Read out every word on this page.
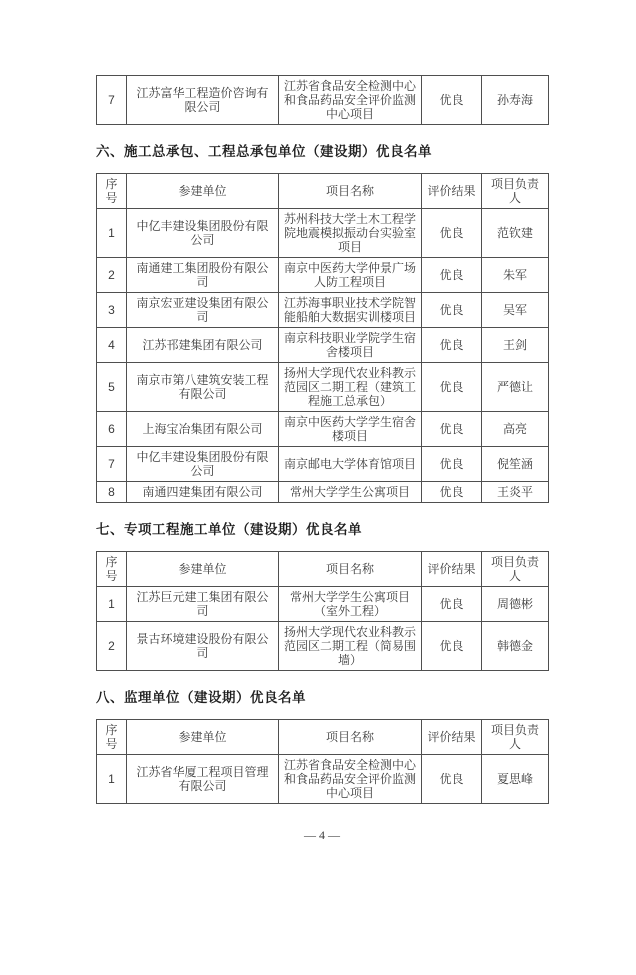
7	江苏富华工程造价咨询有限公司	江苏省食品安全检测中心和食品药品安全评价监测中心项目	优良	孙寿海
六、施工总承包、工程总承包单位（建设期）优良名单
序号	参建单位	项目名称	评价结果	项目负责人
1	中亿丰建设集团股份有限公司	苏州科技大学土木工程学院地震模拟振动台实验室项目	优良	范钦建
2	南通建工集团股份有限公司	南京中医药大学仲景广场人防工程项目	优良	朱军
3	南京宏亚建设集团有限公司	江苏海事职业技术学院智能船舶大数据实训楼项目	优良	吴军
4	江苏邗建集团有限公司	南京科技职业学院学生宿舍楼项目	优良	王剑
5	南京市第八建筑安装工程有限公司	扬州大学现代农业科教示范园区二期工程（建筑工程施工总承包）	优良	严德让
6	上海宝冶集团有限公司	南京中医药大学学生宿舍楼项目	优良	高亮
7	中亿丰建设集团股份有限公司	南京邮电大学体育馆项目	优良	倪笙涵
8	南通四建集团有限公司	常州大学学生公寓项目	优良	王炎平
七、专项工程施工单位（建设期）优良名单
序号	参建单位	项目名称	评价结果	项目负责人
1	江苏巨元建工集团有限公司	常州大学学生公寓项目（室外工程）	优良	周德彬
2	景古环境建设股份有限公司	扬州大学现代农业科教示范园区二期工程（简易围墙）	优良	韩德金
八、监理单位（建设期）优良名单
序号	参建单位	项目名称	评价结果	项目负责人
1	江苏省华厦工程项目管理有限公司	江苏省食品安全检测中心和食品药品安全评价监测中心项目	优良	夏思峰
— 4 —
